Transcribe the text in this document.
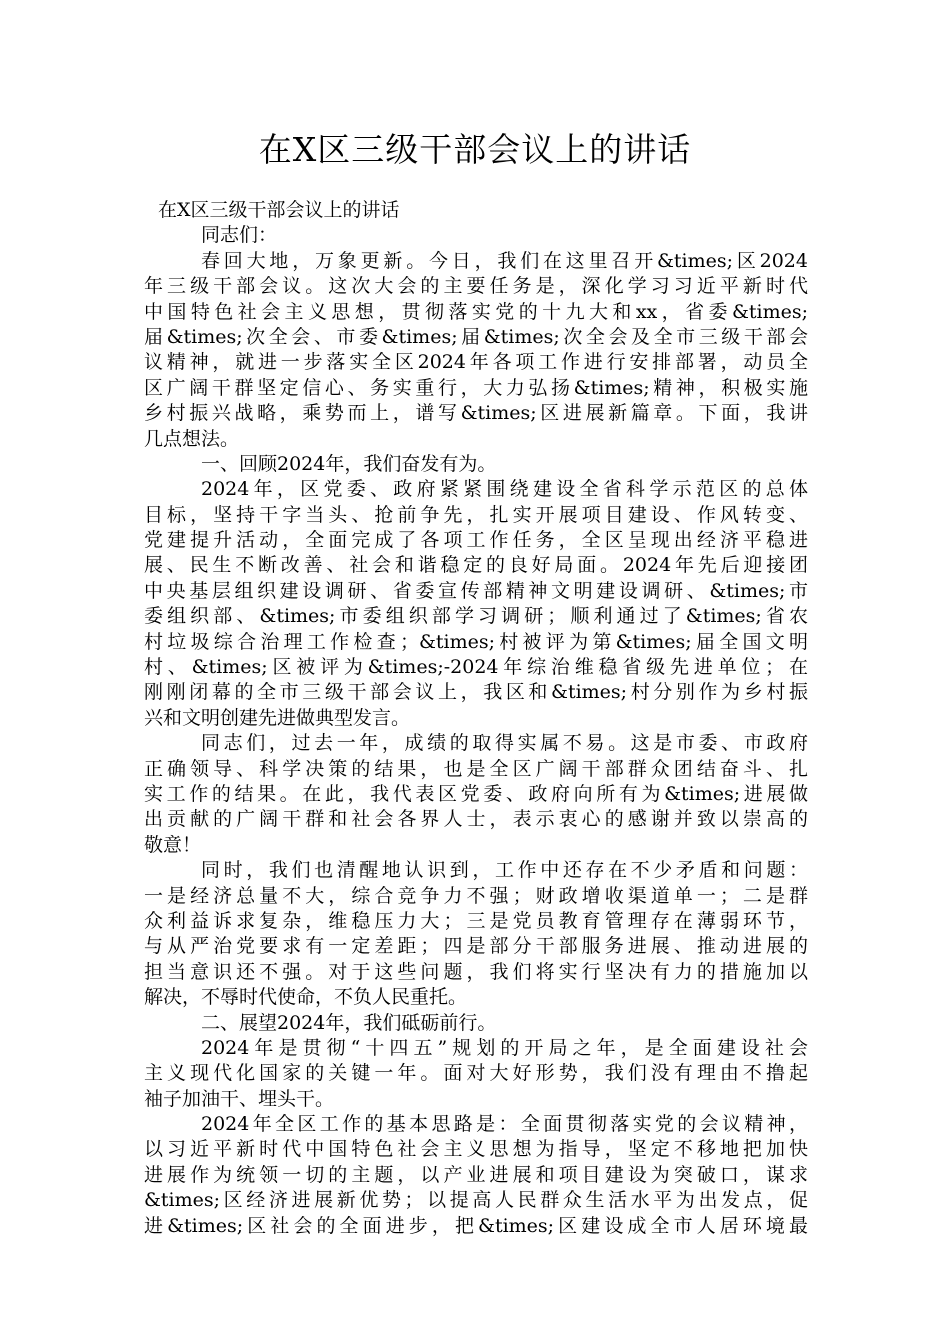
在X区三级干部会议上的讲话
在X区三级干部会议上的讲话
同志们：
春回大地，万象更新。今日，我们在这里召开&times;区2024
年三级干部会议。这次大会的主要任务是，深化学习习近平新时代
中国特色社会主义思想，贯彻落实党的十九大和xx，省委&times;
届&times;次全会、市委&times;届&times;次全会及全市三级干部会
议精神，就进一步落实全区2024年各项工作进行安排部署，动员全
区广阔干群坚定信心、务实重行，大力弘扬&times;精神，积极实施
乡村振兴战略，乘势而上，谱写&times;区进展新篇章。下面，我讲
几点想法。
一、回顾2024年，我们奋发有为。
2024年，区党委、政府紧紧围绕建设全省科学示范区的总体
目标，坚持干字当头、抢前争先，扎实开展项目建设、作风转变、
党建提升活动，全面完成了各项工作任务，全区呈现出经济平稳进
展、民生不断改善、社会和谐稳定的良好局面。2024年先后迎接团
中央基层组织建设调研、省委宣传部精神文明建设调研、&times;市
委组织部、&times;市委组织部学习调研；顺利通过了&times;省农
村垃圾综合治理工作检查；&times;村被评为第&times;届全国文明
村、&times;区被评为&times;-2024年综治维稳省级先进单位；在
刚刚闭幕的全市三级干部会议上，我区和&times;村分别作为乡村振
兴和文明创建先进做典型发言。
同志们，过去一年，成绩的取得实属不易。这是市委、市政府
正确领导、科学决策的结果，也是全区广阔干部群众团结奋斗、扎
实工作的结果。在此，我代表区党委、政府向所有为&times;进展做
出贡献的广阔干群和社会各界人士，表示衷心的感谢并致以崇高的
敬意！
同时，我们也清醒地认识到，工作中还存在不少矛盾和问题：
一是经济总量不大，综合竞争力不强；财政增收渠道单一；二是群
众利益诉求复杂，维稳压力大；三是党员教育管理存在薄弱环节，
与从严治党要求有一定差距；四是部分干部服务进展、推动进展的
担当意识还不强。对于这些问题，我们将实行坚决有力的措施加以
解决，不辱时代使命，不负人民重托。
二、展望2024年，我们砥砺前行。
2024年是贯彻“十四五”规划的开局之年，是全面建设社会
主义现代化国家的关键一年。面对大好形势，我们没有理由不撸起
袖子加油干、埋头干。
2024年全区工作的基本思路是：全面贯彻落实党的会议精神，
以习近平新时代中国特色社会主义思想为指导，坚定不移地把加快
进展作为统领一切的主题，以产业进展和项目建设为突破口，谋求
&times;区经济进展新优势；以提高人民群众生活水平为出发点，促
进&times;区社会的全面进步，把&times;区建设成全市人居环境最
